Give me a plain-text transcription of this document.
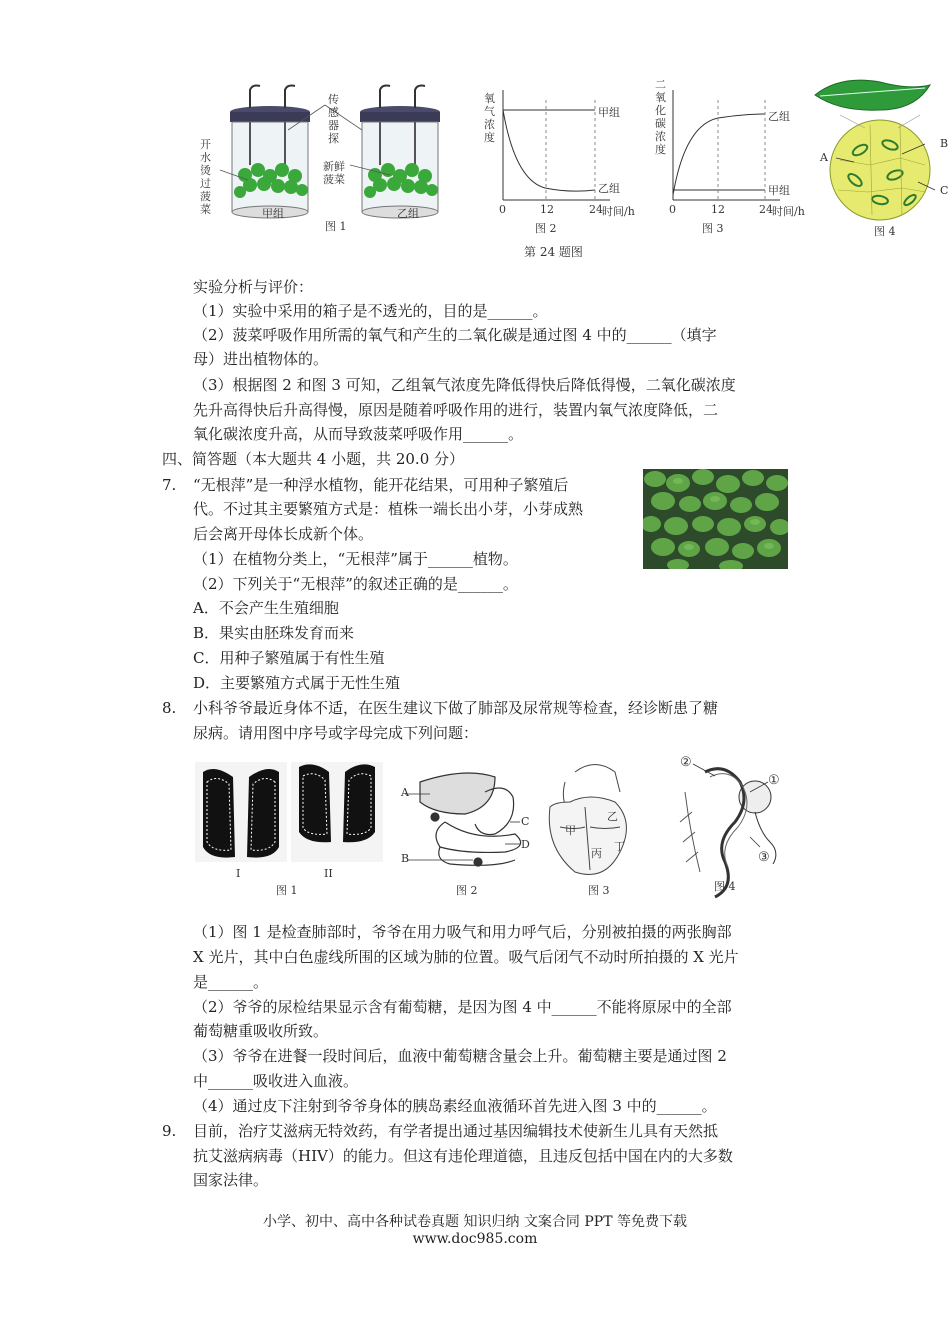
开水烫过菠菜
传感器探
新鲜菠菜
甲组	乙组
图 1
氧气浓度
甲组
乙组
0	12	24 时间/h
图 2
二氧化碳浓度
乙组
甲组
0	12	24 时间/h
图 3
A
B
C
图 4
第 24 题图
实验分析与评价：
（1）实验中采用的箱子是不透光的，目的是______。
（2）菠菜呼吸作用所需的氧气和产生的二氧化碳是通过图 4 中的______（填字
母）进出植物体的。
（3）根据图 2 和图 3 可知，乙组氧气浓度先降低得快后降低得慢，二氧化碳浓度
先升高得快后升高得慢，原因是随着呼吸作用的进行，装置内氧气浓度降低，二
氧化碳浓度升高，从而导致菠菜呼吸作用______。
四、简答题（本大题共 4 小题，共 20.0 分）
7. “无根萍”是一种浮水植物，能开花结果，可用种子繁殖后
代。不过其主要繁殖方式是：植株一端长出小芽，小芽成熟
后会离开母体长成新个体。
（1）在植物分类上，“无根萍”属于______植物。
（2）下列关于“无根萍”的叙述正确的是______。
A．不会产生生殖细胞
B．果实由胚珠发育而来
C．用种子繁殖属于有性生殖
D．主要繁殖方式属于无性生殖
8. 小科爷爷最近身体不适，在医生建议下做了肺部及尿常规等检查，经诊断患了糖
尿病。请用图中序号或字母完成下列问题：
I	II
图 1
A
B
C
D
图 2
甲
乙
丙
丁
图 3
②
①
③
图 4
（1）图 1 是检查肺部时，爷爷在用力吸气和用力呼气后，分别被拍摄的两张胸部
X 光片，其中白色虚线所围的区域为肺的位置。吸气后闭气不动时所拍摄的 X 光片
是______。
（2）爷爷的尿检结果显示含有葡萄糖，是因为图 4 中______不能将原尿中的全部
葡萄糖重吸收所致。
（3）爷爷在进餐一段时间后，血液中葡萄糖含量会上升。葡萄糖主要是通过图 2
中______吸收进入血液。
（4）通过皮下注射到爷爷身体的胰岛素经血液循环首先进入图 3 中的______。
9. 目前，治疗艾滋病无特效药，有学者提出通过基因编辑技术使新生儿具有天然抵
抗艾滋病病毒（HIV）的能力。但这有违伦理道德，且违反包括中国在内的大多数
国家法律。
小学、初中、高中各种试卷真题 知识归纳 文案合同 PPT 等免费下载
www.doc985.com
